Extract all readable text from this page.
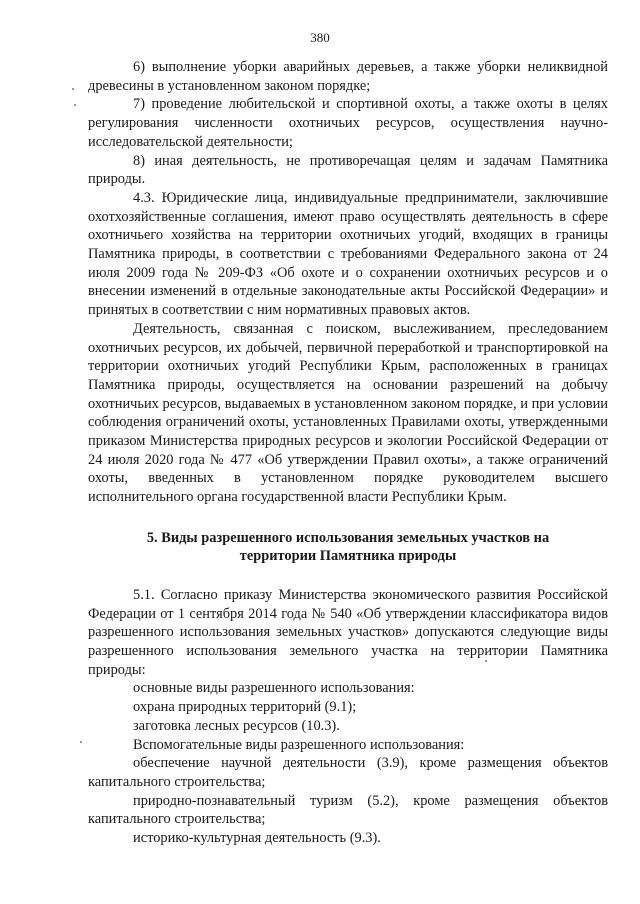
380

6) выполнение уборки аварийных деревьев, а также уборки неликвидной древесины в установленном законом порядке;

7) проведение любительской и спортивной охоты, а также охоты в целях регулирования численности охотничьих ресурсов, осуществления научно-исследовательской деятельности;

8) иная деятельность, не противоречащая целям и задачам Памятника природы.

4.3. Юридические лица, индивидуальные предприниматели, заключившие охотхозяйственные соглашения, имеют право осуществлять деятельность в сфере охотничьего хозяйства на территории охотничьих угодий, входящих в границы Памятника природы, в соответствии с требованиями Федерального закона от 24 июля 2009 года № 209-ФЗ «Об охоте и о сохранении охотничьих ресурсов и о внесении изменений в отдельные законодательные акты Российской Федерации» и принятых в соответствии с ним нормативных правовых актов.

Деятельность, связанная с поиском, выслеживанием, преследованием охотничьих ресурсов, их добычей, первичной переработкой и транспортировкой на территории охотничьих угодий Республики Крым, расположенных в границах Памятника природы, осуществляется на основании разрешений на добычу охотничьих ресурсов, выдаваемых в установленном законом порядке, и при условии соблюдения ограничений охоты, установленных Правилами охоты, утвержденными приказом Министерства природных ресурсов и экологии Российской Федерации от 24 июля 2020 года № 477 «Об утверждении Правил охоты», а также ограничений охоты, введенных в установленном порядке руководителем высшего исполнительного органа государственной власти Республики Крым.

5. Виды разрешенного использования земельных участков на
территории Памятника природы

5.1. Согласно приказу Министерства экономического развития Российской Федерации от 1 сентября 2014 года № 540 «Об утверждении классификатора видов разрешенного использования земельных участков» допускаются следующие виды разрешенного использования земельного участка на территории Памятника природы:

основные виды разрешенного использования:

охрана природных территорий (9.1);

заготовка лесных ресурсов (10.3).

Вспомогательные виды разрешенного использования:

обеспечение научной деятельности (3.9), кроме размещения объектов капитального строительства;

природно-познавательный туризм (5.2), кроме размещения объектов капитального строительства;

историко-культурная деятельность (9.3).
